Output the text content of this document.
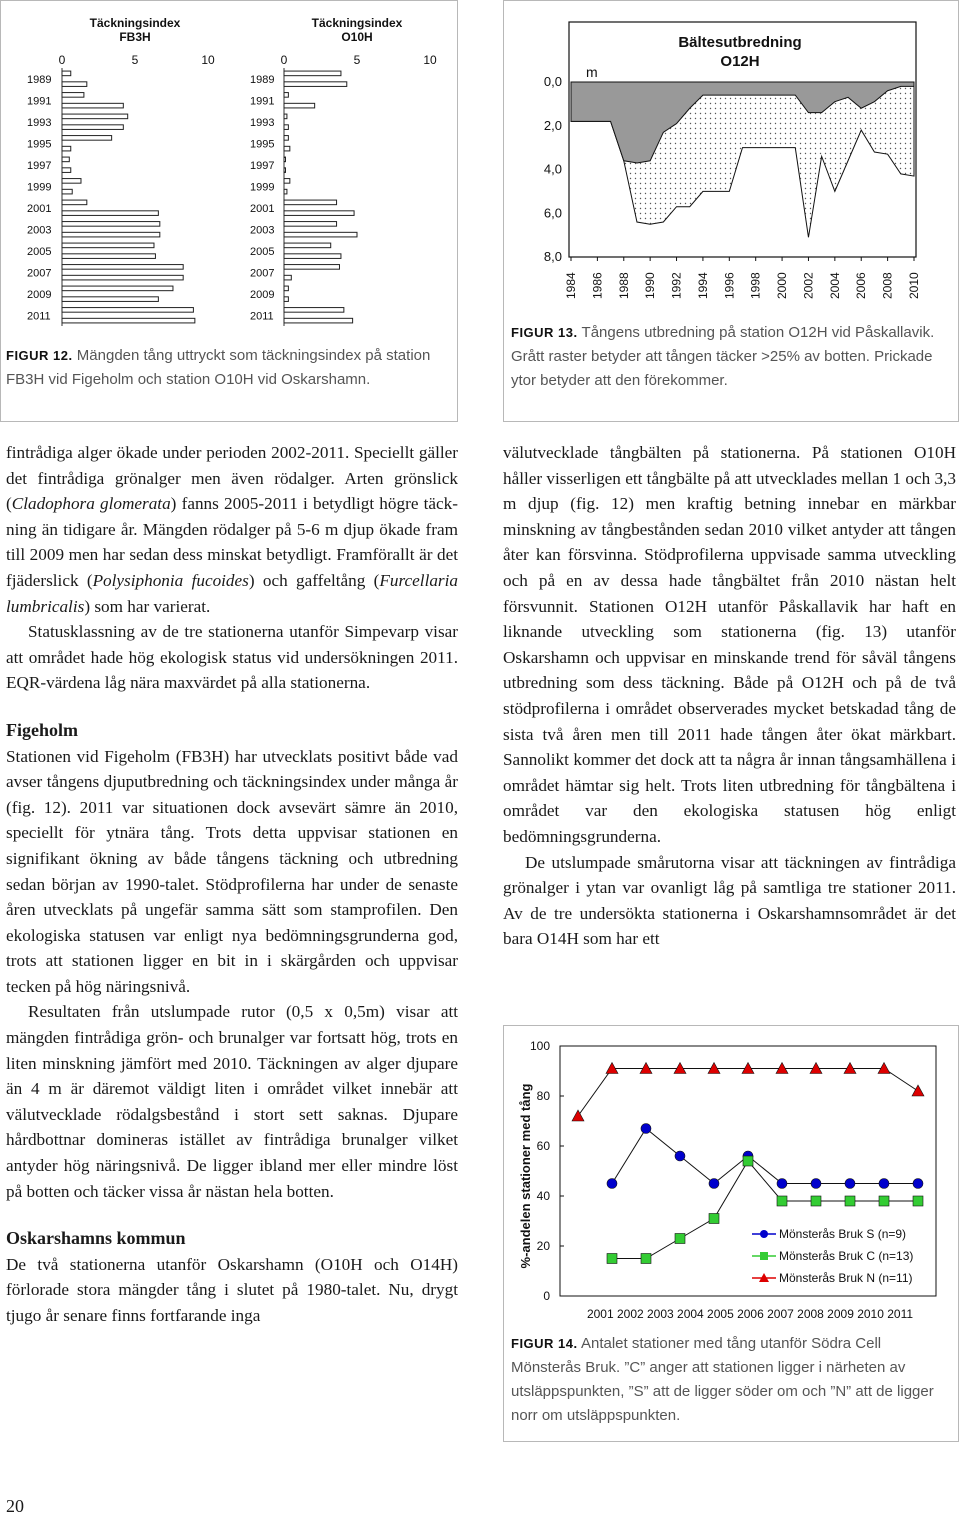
Täckningsindex
FB3H
0	5	10
1989
1991
1993
1995
1997
1999
2001
2003
2005
2007
2009
2011
Täckningsindex
O10H
0	5	10
1989
1991
1993
1995
1997
1999
2001
2003
2005
2007
2009
2011
FIGUR 12. Mängden tång uttryckt som täckningsindex på station FB3H vid Figeholm och station O10H vid Oskarshamn.
Bältesutbredning
O12H
m
0,0
2,0
4,0
6,0
8,0
1984 1986 1988 1990 1992 1994 1996 1998 2000 2002 2004 2006 2008 2010
FIGUR 13. Tångens utbredning på station O12H vid Påskallavik. Grått raster betyder att tången täcker >25% av botten. Prickade ytor betyder att den förekommer.

fintrådiga alger ökade under perioden 2002-2011. Speciellt gäller det fintrådiga grönalger men även rödalger. Arten grönslick (Cladophora glomerata) fanns 2005-2011 i betydligt högre täck- ning än tidigare år. Mängden rödalger på 5-6 m djup ökade fram till 2009 men har sedan dess minskat betydligt. Framförallt är det fjäderslick (Polysiphonia fucoides) och gaffeltång (Furcellaria lumbricalis) som har varierat.

Statusklassning av de tre stationerna utanför Simpevarp visar att området hade hög ekologisk status vid undersökningen 2011. EQR-värdena låg nära maxvärdet på alla stationerna.

Figeholm

Stationen vid Figeholm (FB3H) har utvecklats positivt både vad avser tångens djuputbredning och täckningsindex under många år (fig. 12). 2011 var situationen dock avsevärt sämre än 2010, speciellt för ytnära tång. Trots detta uppvisar stationen en signifikant ökning av både tångens täckning och utbredning sedan början av 1990-talet. Stödprofilerna har under de senaste åren utvecklats på ungefär samma sätt som stamprofilen. Den ekologiska statusen var enligt nya bedömningsgrunderna god, trots att stationen ligger en bit in i skärgården och uppvisar tecken på hög näringsnivå.

Resultaten från utslumpade rutor (0,5 x 0,5m) visar att mängden fintrådiga grön- och brunalger var fortsatt hög, trots en liten minskning jämfört med 2010. Täckningen av alger djupare än 4 m är däremot väldigt liten i området vilket innebär att välutvecklade rödalgsbestånd i stort sett saknas. Djupare hårdbottnar domineras istället av fintrådiga brunalger vilket antyder hög näringsnivå. De ligger ibland mer eller mindre löst på botten och täcker vissa år nästan hela botten.

Oskarshamns kommun

De två stationerna utanför Oskarshamn (O10H och O14H) förlorade stora mängder tång i slutet på 1980-talet. Nu, drygt tjugo år senare finns fortfarande inga

välutvecklade tångbälten på stationerna. På stationen O10H håller visserligen ett tångbälte på att utvecklades mellan 1 och 3,3 m djup (fig. 12) men kraftig betning innebar en märkbar minskning av tångbestånden sedan 2010 vilket antyder att tången åter kan försvinna. Stödprofilerna uppvisade samma utveckling och på en av dessa hade tångbältet från 2010 nästan helt försvunnit. Stationen O12H utanför Påskallavik har haft en liknande utveckling som stationerna (fig. 13) utanför Oskarshamn och uppvisar en minskande trend för såväl tångens utbredning som dess täckning. Både på O12H och på de två stödprofilerna i området observerades mycket betskadad tång de sista två åren men till 2011 hade tången åter ökat märkbart. Sannolikt kommer det dock att ta några år innan tångsamhällena i området hämtar sig helt. Trots liten utbredning för tångbältena i området var den ekologiska statusen hög enligt bedömningsgrunderna.

De utslumpade smårutorna visar att täckningen av fintrådiga grönalger i ytan var ovanligt låg på samtliga tre stationer 2011. Av de tre undersökta stationerna i Oskarshamnsområdet är det bara O14H som har ett

0
20
40
60
80
100
%-andelen stationer med tång
2001 2002 2003 2004 2005 2006 2007 2008 2009 2010 2011
Mönsterås Bruk S (n=9)
Mönsterås Bruk C (n=13)
Mönsterås Bruk N (n=11)
FIGUR 14. Antalet stationer med tång utanför Södra Cell Mönsterås Bruk. ”C” anger att stationen ligger i närheten av utsläppspunkten, ”S” att de ligger söder om och ”N” att de ligger norr om utsläppspunkten.
20
